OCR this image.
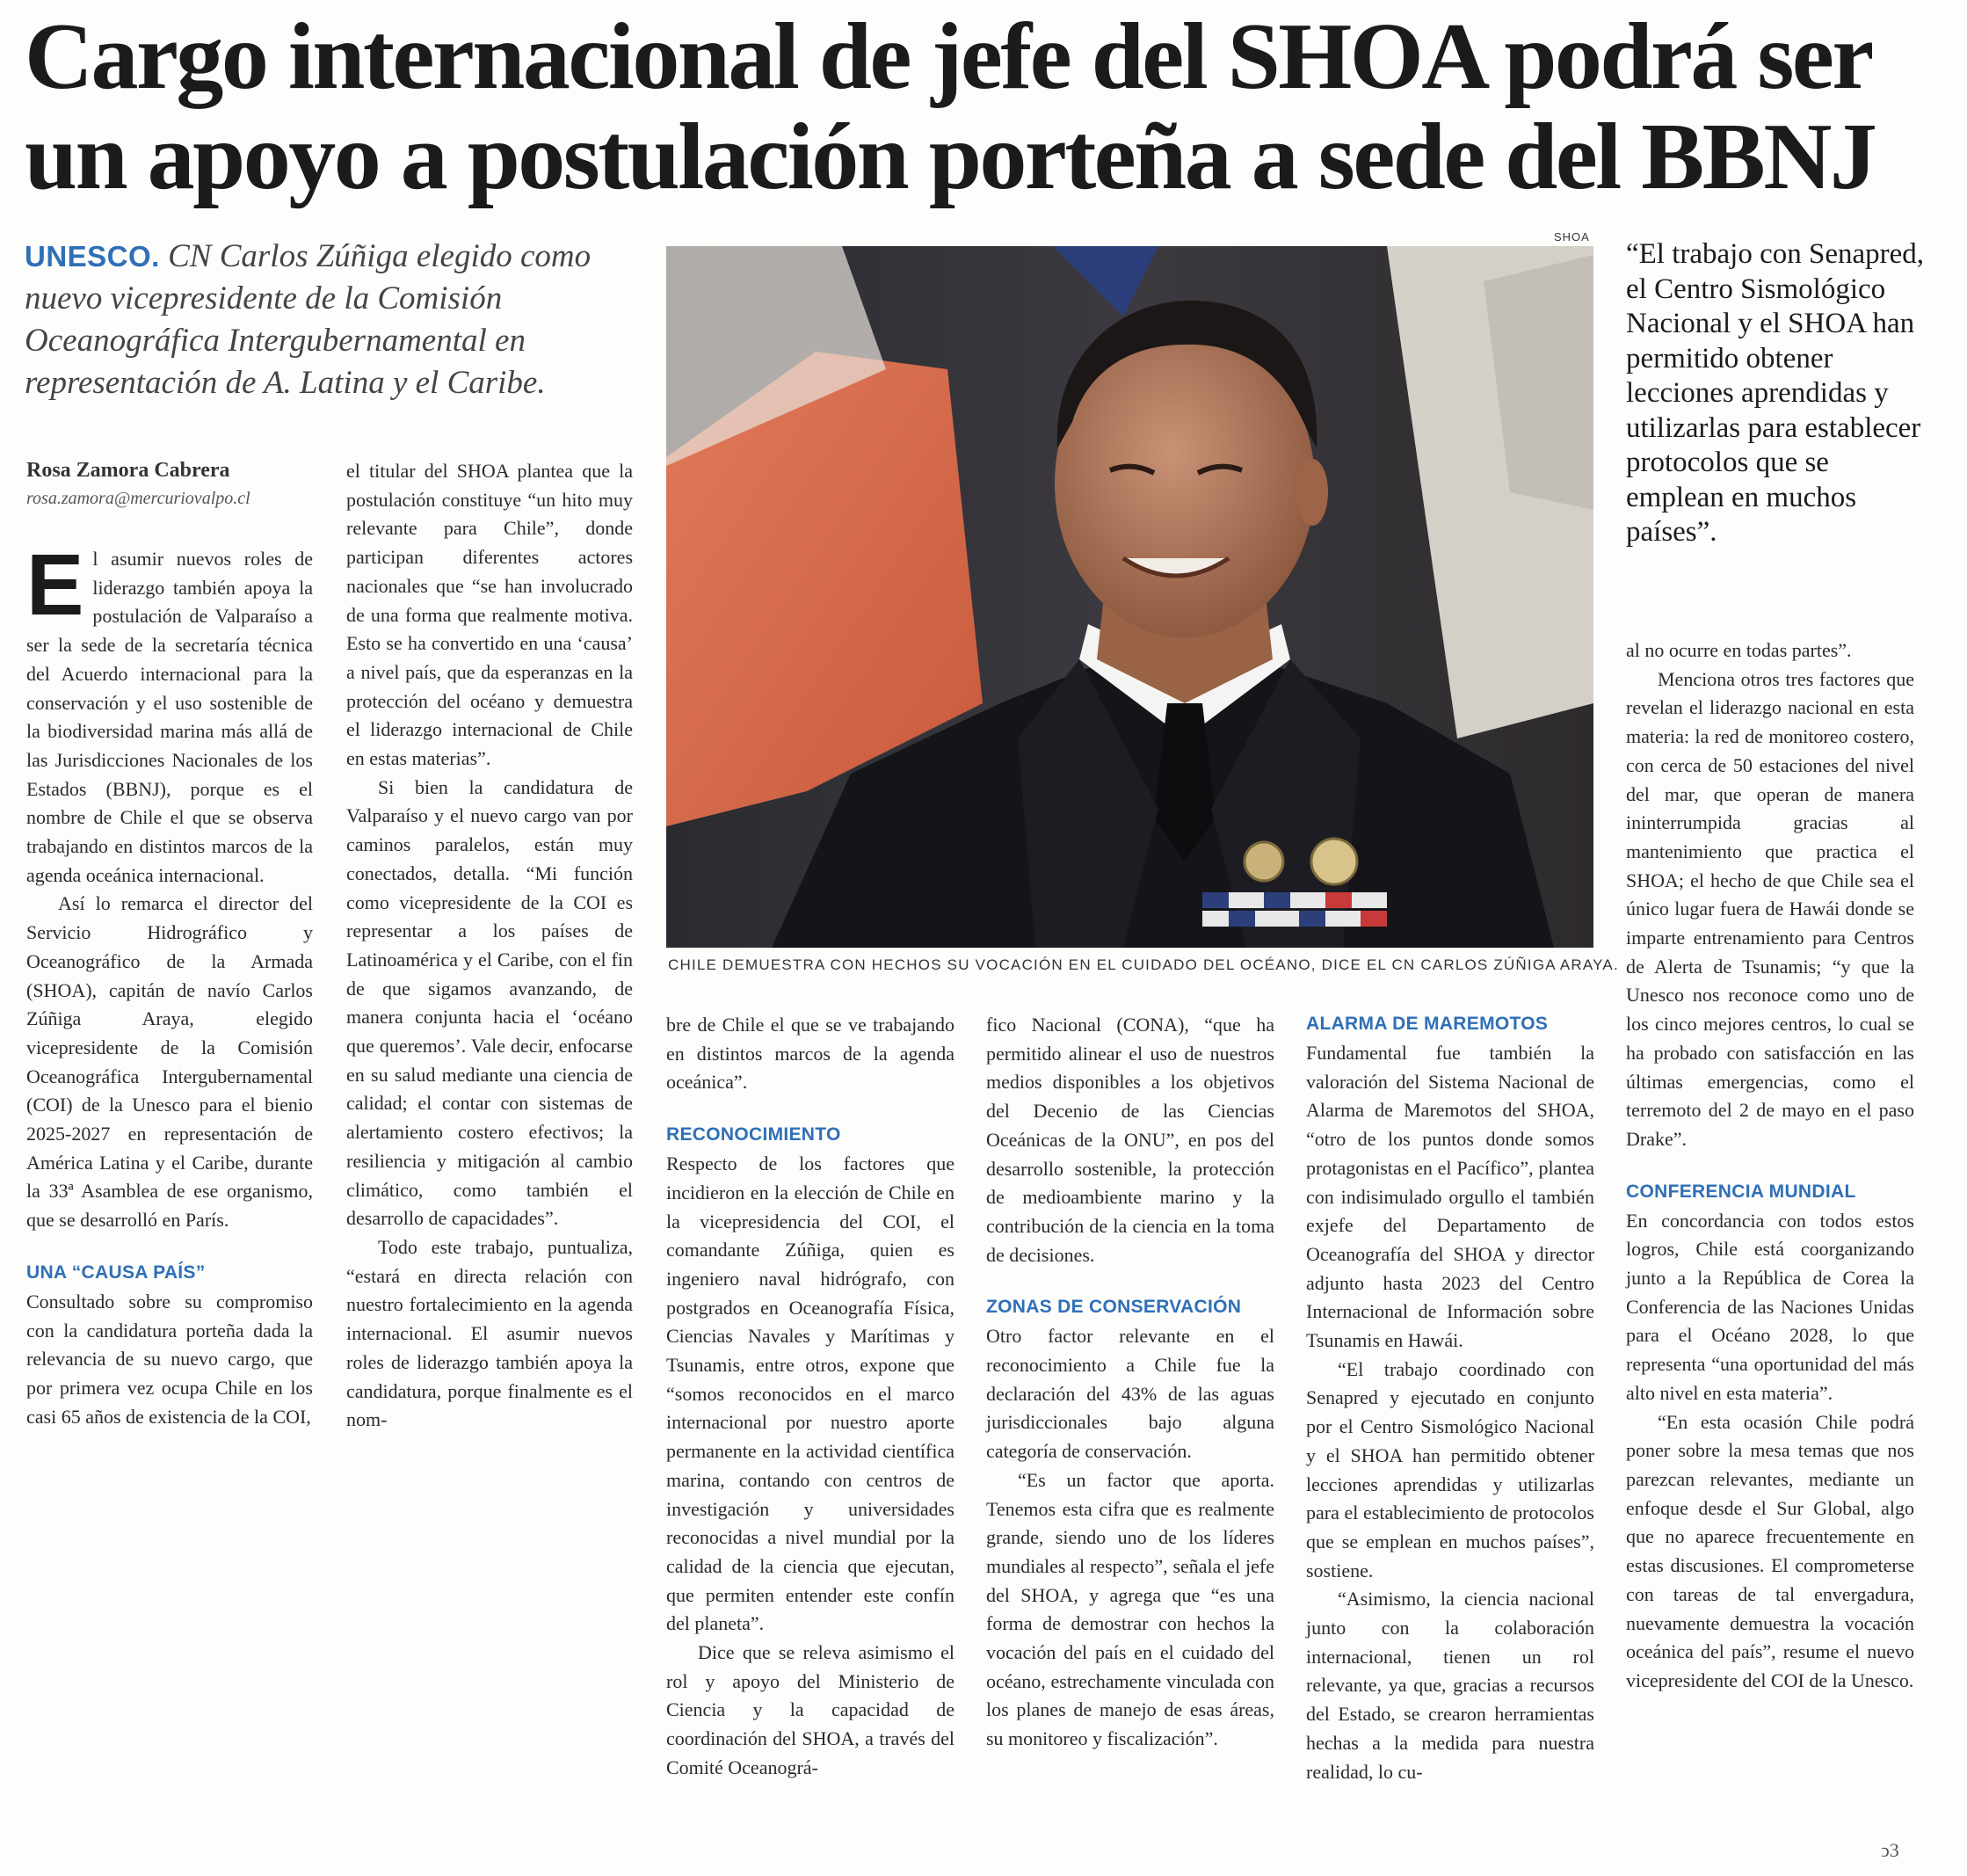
Cargo internacional de jefe del SHOA podrá ser
un apoyo a postulación porteña a sede del BBNJ
UNESCO. CN Carlos Zúñiga elegido como nuevo vicepresidente de la Comisión Oceanográfica Intergubernamental en representación de A. Latina y el Caribe.
Rosa Zamora Cabrera
rosa.zamora@mercuriovalpo.cl

El asumir nuevos roles de liderazgo también apoya la postulación de Valparaíso a ser la sede de la secretaría técnica del Acuerdo internacional para la conservación y el uso sostenible de la biodiversidad marina más allá de las Jurisdicciones Nacionales de los Estados (BBNJ), porque es el nombre de Chile el que se observa trabajando en distintos marcos de la agenda oceánica internacional.

Así lo remarca el director del Servicio Hidrográfico y Oceanográfico de la Armada (SHOA), capitán de navío Carlos Zúñiga Araya, elegido vicepresidente de la Comisión Oceanográfica Intergubernamental (COI) de la Unesco para el bienio 2025-2027 en representación de América Latina y el Caribe, durante la 33ª Asamblea de ese organismo, que se desarrolló en París.

UNA “CAUSA PAÍS”

Consultado sobre su compromiso con la candidatura porteña dada la relevancia de su nuevo cargo, que por primera vez ocupa Chile en los casi 65 años de existencia de la COI,

el titular del SHOA plantea que la postulación constituye “un hito muy relevante para Chile”, donde participan diferentes actores nacionales que “se han involucrado de una forma que realmente motiva. Esto se ha convertido en una ‘causa’ a nivel país, que da esperanzas en la protección del océano y demuestra el liderazgo internacional de Chile en estas materias”.

Si bien la candidatura de Valparaíso y el nuevo cargo van por caminos paralelos, están muy conectados, detalla. “Mi función como vicepresidente de la COI es representar a los países de Latinoamérica y el Caribe, con el fin de que sigamos avanzando, de manera conjunta hacia el ‘océano que queremos’. Vale decir, enfocarse en su salud mediante una ciencia de calidad; el contar con sistemas de alertamiento costero efectivos; la resiliencia y mitigación al cambio climático, como también el desarrollo de capacidades”.

Todo este trabajo, puntualiza, “estará en directa relación con nuestro fortalecimiento en la agenda internacional. El asumir nuevos roles de liderazgo también apoya la candidatura, porque finalmente es el nom-

SHOA
CHILE DEMUESTRA CON HECHOS SU VOCACIÓN EN EL CUIDADO DEL OCÉANO, DICE EL CN CARLOS ZÚÑIGA ARAYA.
“El trabajo con Senapred, el Centro Sismológico Nacional y el SHOA han permitido obtener lecciones aprendidas y utilizarlas para establecer protocolos que se emplean en muchos países”.

bre de Chile el que se ve trabajando en distintos marcos de la agenda oceánica”.

RECONOCIMIENTO

Respecto de los factores que incidieron en la elección de Chile en la vicepresidencia del COI, el comandante Zúñiga, quien es ingeniero naval hidrógrafo, con postgrados en Oceanografía Física, Ciencias Navales y Marítimas y Tsunamis, entre otros, expone que “somos reconocidos en el marco internacional por nuestro aporte permanente en la actividad científica marina, contando con centros de investigación y universidades reconocidas a nivel mundial por la calidad de la ciencia que ejecutan, que permiten entender este confín del planeta”.

Dice que se releva asimismo el rol y apoyo del Ministerio de Ciencia y la capacidad de coordinación del SHOA, a través del Comité Oceanográ-

fico Nacional (CONA), “que ha permitido alinear el uso de nuestros medios disponibles a los objetivos del Decenio de las Ciencias Oceánicas de la ONU”, en pos del desarrollo sostenible, la protección de medioambiente marino y la contribución de la ciencia en la toma de decisiones.

ZONAS DE CONSERVACIÓN

Otro factor relevante en el reconocimiento a Chile fue la declaración del 43% de las aguas jurisdiccionales bajo alguna categoría de conservación.

“Es un factor que aporta. Tenemos esta cifra que es realmente grande, siendo uno de los líderes mundiales al respecto”, señala el jefe del SHOA, y agrega que “es una forma de demostrar con hechos la vocación del país en el cuidado del océano, estrechamente vinculada con los planes de manejo de esas áreas, su monitoreo y fiscalización”.

ALARMA DE MAREMOTOS

Fundamental fue también la valoración del Sistema Nacional de Alarma de Maremotos del SHOA, “otro de los puntos donde somos protagonistas en el Pacífico”, plantea con indisimulado orgullo el también exjefe del Departamento de Oceanografía del SHOA y director adjunto hasta 2023 del Centro Internacional de Información sobre Tsunamis en Hawái.

“El trabajo coordinado con Senapred y ejecutado en conjunto por el Centro Sismológico Nacional y el SHOA han permitido obtener lecciones aprendidas y utilizarlas para el establecimiento de protocolos que se emplean en muchos países”, sostiene.

“Asimismo, la ciencia nacional junto con la colaboración internacional, tienen un rol relevante, ya que, gracias a recursos del Estado, se crearon herramientas hechas a la medida para nuestra realidad, lo cu-

al no ocurre en todas partes”.

Menciona otros tres factores que revelan el liderazgo nacional en esta materia: la red de monitoreo costero, con cerca de 50 estaciones del nivel del mar, que operan de manera ininterrumpida gracias al mantenimiento que practica el SHOA; el hecho de que Chile sea el único lugar fuera de Hawái donde se imparte entrenamiento para Centros de Alerta de Tsunamis; “y que la Unesco nos reconoce como uno de los cinco mejores centros, lo cual se ha probado con satisfacción en las últimas emergencias, como el terremoto del 2 de mayo en el paso Drake”.

CONFERENCIA MUNDIAL

En concordancia con todos estos logros, Chile está coorganizando junto a la República de Corea la Conferencia de las Naciones Unidas para el Océano 2028, lo que representa “una oportunidad del más alto nivel en esta materia”.

“En esta ocasión Chile podrá poner sobre la mesa temas que nos parezcan relevantes, mediante un enfoque desde el Sur Global, algo que no aparece frecuentemente en estas discusiones. El comprometerse con tareas de tal envergadura, nuevamente demuestra la vocación oceánica del país”, resume el nuevo vicepresidente del COI de la Unesco.

ↄ3
